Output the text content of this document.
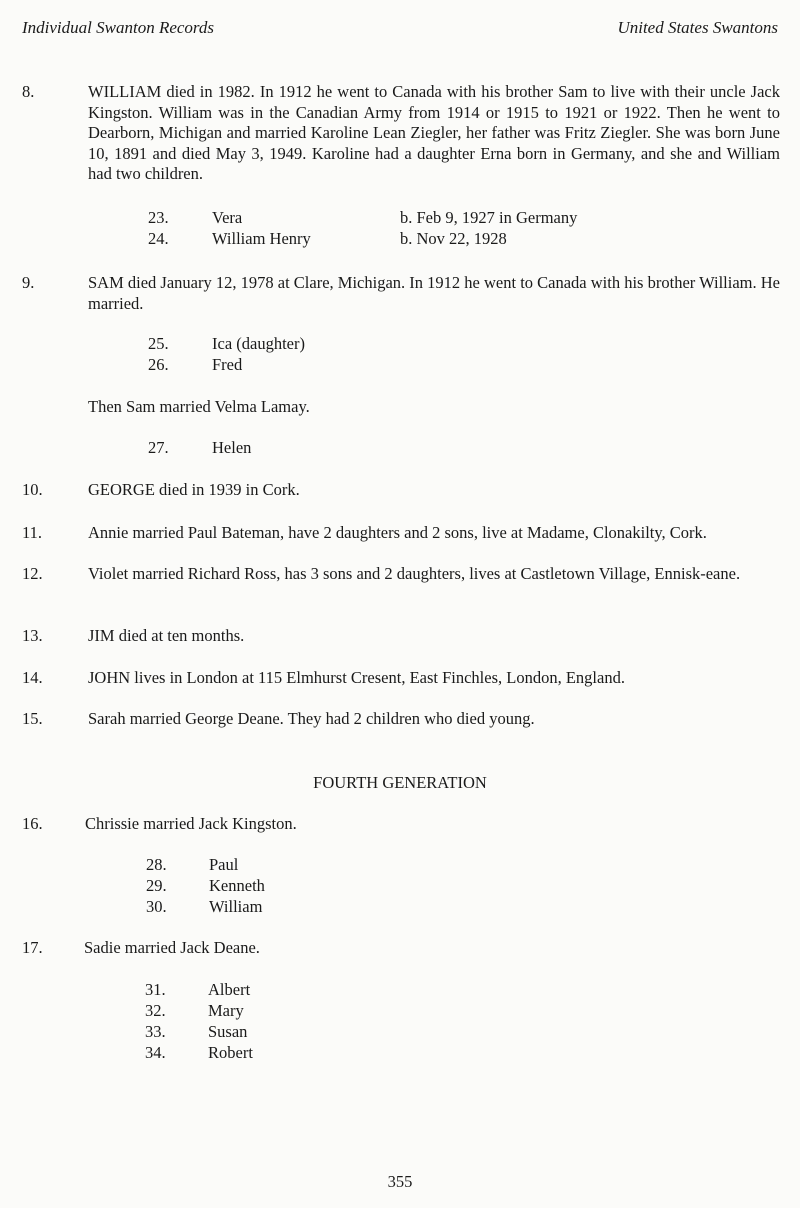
Individual Swanton Records	United States Swantons
8.	WILLIAM died in 1982. In 1912 he went to Canada with his brother Sam to live with their uncle Jack Kingston. William was in the Canadian Army from 1914 or 1915 to 1921 or 1922. Then he went to Dearborn, Michigan and married Karoline Lean Ziegler, her father was Fritz Ziegler. She was born June 10, 1891 and died May 3, 1949. Karoline had a daughter Erna born in Germany, and she and William had two children.
23.	Vera	b. Feb 9, 1927 in Germany
24.	William Henry	b. Nov 22, 1928
9.	SAM died January 12, 1978 at Clare, Michigan. In 1912 he went to Canada with his brother William. He married.
25.	Ica (daughter)
26.	Fred
Then Sam married Velma Lamay.
27.	Helen
10.	GEORGE died in 1939 in Cork.
11.	Annie married Paul Bateman, have 2 daughters and 2 sons, live at Madame, Clonakilty, Cork.
12.	Violet married Richard Ross, has 3 sons and 2 daughters, lives at Castletown Village, Ennisk-eane.
13.	JIM died at ten months.
14.	JOHN lives in London at 115 Elmhurst Cresent, East Finchles, London, England.
15.	Sarah married George Deane. They had 2 children who died young.
FOURTH GENERATION
16.	Chrissie married Jack Kingston.
28.	Paul
29.	Kenneth
30.	William
17.	Sadie married Jack Deane.
31.	Albert
32.	Mary
33.	Susan
34.	Robert
355
